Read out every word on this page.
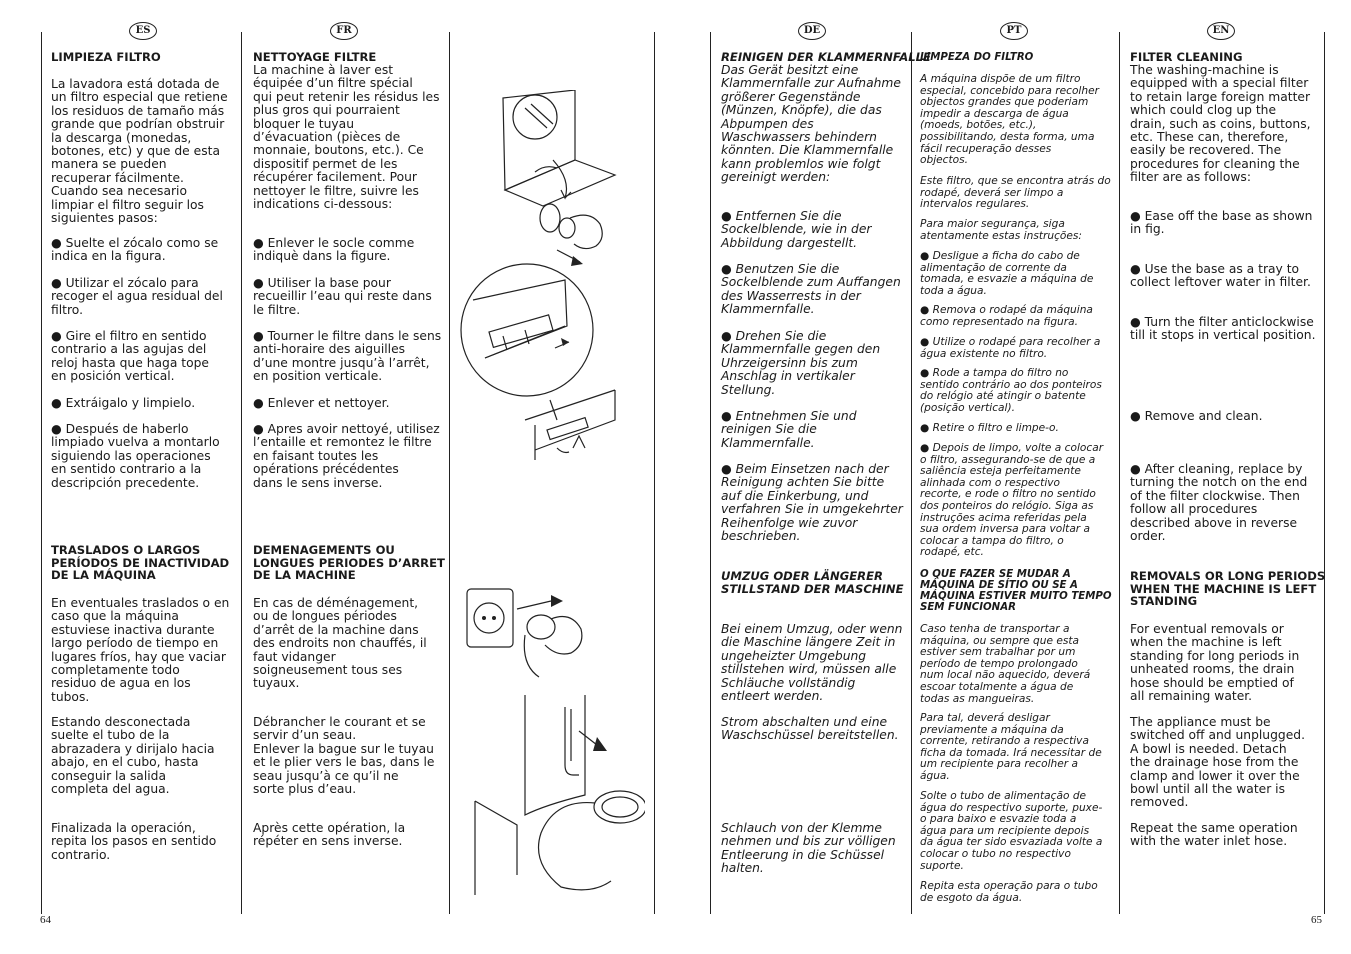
ES	FR	DE	PT	EN

LIMPIEZA FILTRO

La lavadora está dotada de
un filtro especial que retiene
los residuos de tamaño más
grande que podrían obstruir
la descarga (monedas,
botones, etc) y que de esta
manera se pueden
recuperar fácilmente.
Cuando sea necesario
limpiar el filtro seguir los
siguientes pasos:

● Suelte el zócalo como se
indica en la figura.

● Utilizar el zócalo para
recoger el agua residual del
filtro.

● Gire el filtro en sentido
contrario a las agujas del
reloj hasta que haga tope
en posición vertical.

● Extráigalo y limpielo.

● Después de haberlo
limpiado vuelva a montarlo
siguiendo las operaciones
en sentido contrario a la
descripción precedente.

TRASLADOS O LARGOS
PERÍODOS DE INACTIVIDAD
DE LA MÁQUINA

En eventuales traslados o en
caso que la máquina
estuviese inactiva durante
largo período de tiempo en
lugares fríos, hay que vaciar
completamente todo
residuo de agua en los
tubos.

Estando desconectada
suelte el tubo de la
abrazadera y dirijalo hacia
abajo, en el cubo, hasta
conseguir la salida
completa del agua.

Finalizada la operación,
repita los pasos en sentido
contrario.

NETTOYAGE FILTRE

La machine à laver est
équipée d’un filtre spécial
qui peut retenir les résidus les
plus gros qui pourraient
bloquer le tuyau
d’évacuation (pièces de
monnaie, boutons, etc.). Ce
dispositif permet de les
récupérer facilement. Pour
nettoyer le filtre, suivre les
indications ci-dessous:

● Enlever le socle comme
indiquè dans la figure.

● Utiliser la base pour
recueillir l’eau qui reste dans
le filtre.

● Tourner le filtre dans le sens
anti-horaire des aiguilles
d’une montre jusqu’à l’arrêt,
en position verticale.

● Enlever et nettoyer.

● Apres avoir nettoyé, utilisez
l’entaille et remontez le filtre
en faisant toutes les
opérations précédentes
dans le sens inverse.

DEMENAGEMENTS OU
LONGUES PERIODES D’ARRET
DE LA MACHINE

En cas de déménagement,
ou de longues périodes
d’arrêt de la machine dans
des endroits non chauffés, il
faut vidanger
soigneusement tous ses
tuyaux.

Débrancher le courant et se
servir d’un seau.
Enlever la bague sur le tuyau
et le plier vers le bas, dans le
seau jusqu’à ce qu’il ne
sorte plus d’eau.

Après cette opération, la
répéter en sens inverse.

REINIGEN DER KLAMMERNFALLE

Das Gerät besitzt eine
Klammernfalle zur Aufnahme
größerer Gegenstände
(Münzen, Knöpfe), die das
Abpumpen des
Waschwassers behindern
könnten. Die Klammernfalle
kann problemlos wie folgt
gereinigt werden:

● Entfernen Sie die
Sockelblende, wie in der
Abbildung dargestellt.

● Benutzen Sie die
Sockelblende zum Auffangen
des Wasserrests in der
Klammernfalle.

● Drehen Sie die
Klammernfalle gegen den
Uhrzeigersinn bis zum
Anschlag in vertikaler
Stellung.

● Entnehmen Sie und
reinigen Sie die
Klammernfalle.

● Beim Einsetzen nach der
Reinigung achten Sie bitte
auf die Einkerbung, und
verfahren Sie in umgekehrter
Reihenfolge wie zuvor
beschrieben.

UMZUG ODER LÄNGERER
STILLSTAND DER MASCHINE

Bei einem Umzug, oder wenn
die Maschine längere Zeit in
ungeheizter Umgebung
stillstehen wird, müssen alle
Schläuche vollständig
entleert werden.

Strom abschalten und eine
Waschschüssel bereitstellen.

Schlauch von der Klemme
nehmen und bis zur völligen
Entleerung in die Schüssel
halten.

LIMPEZA DO FILTRO

A máquina dispõe de um filtro
especial, concebido para recolher
objectos grandes que poderiam
impedir a descarga de água
(moeds, botões, etc.),
possibilitando, desta forma, uma
fácil recuperação desses
objectos.

Este filtro, que se encontra atrás do
rodapé, deverá ser limpo a
intervalos regulares.

Para maior segurança, siga
atentamente estas instruções:

● Desligue a ficha do cabo de
alimentação de corrente da
tomada, e esvazie a máquina de
toda a água.

● Remova o rodapé da máquina
como representado na figura.

● Utilize o rodapé para recolher a
água existente no filtro.

● Rode a tampa do filtro no
sentido contrário ao dos ponteiros
do relógio até atingir o batente
(posição vertical).

● Retire o filtro e limpe-o.

● Depois de limpo, volte a colocar
o filtro, assegurando-se de que a
saliência esteja perfeitamente
alinhada com o respectivo
recorte, e rode o filtro no sentido
dos ponteiros do relógio. Siga as
instruções acima referidas pela
sua ordem inversa para voltar a
colocar a tampa do filtro, o
rodapé, etc.

O QUE FAZER SE MUDAR A
MÁQUINA DE SÍTIO OU SE A
MÁQUINA ESTIVER MUITO TEMPO
SEM FUNCIONAR

Caso tenha de transportar a
máquina, ou sempre que esta
estiver sem trabalhar por um
período de tempo prolongado
num local não aquecido, deverá
escoar totalmente a água de
todas as mangueiras.

Para tal, deverá desligar
previamente a máquina da
corrente, retirando a respectiva
ficha da tomada. Irá necessitar de
um recipiente para recolher a
água.

Solte o tubo de alimentação de
água do respectivo suporte, puxe-
o para baixo e esvazie toda a
água para um recipiente depois
da água ter sido esvaziada volte a
colocar o tubo no respectivo
suporte.

Repita esta operação para o tubo
de esgoto da água.

FILTER CLEANING

The washing-machine is
equipped with a special filter
to retain large foreign matter
which could clog up the
drain, such as coins, buttons,
etc. These can, therefore,
easily be recovered. The
procedures for cleaning the
filter are as follows:

● Ease off the base as shown
in fig.

● Use the base as a tray to
collect leftover water in filter.

● Turn the filter anticlockwise
till it stops in vertical position.

● Remove and clean.

● After cleaning, replace by
turning the notch on the end
of the filter clockwise. Then
follow all procedures
described above in reverse
order.

REMOVALS OR LONG PERIODS
WHEN THE MACHINE IS LEFT
STANDING

For eventual removals or
when the machine is left
standing for long periods in
unheated rooms, the drain
hose should be emptied of
all remaining water.

The appliance must be
switched off and unplugged.
A bowl is needed. Detach
the drainage hose from the
clamp and lower it over the
bowl until all the water is
removed.

Repeat the same operation
with the water inlet hose.

64	65
